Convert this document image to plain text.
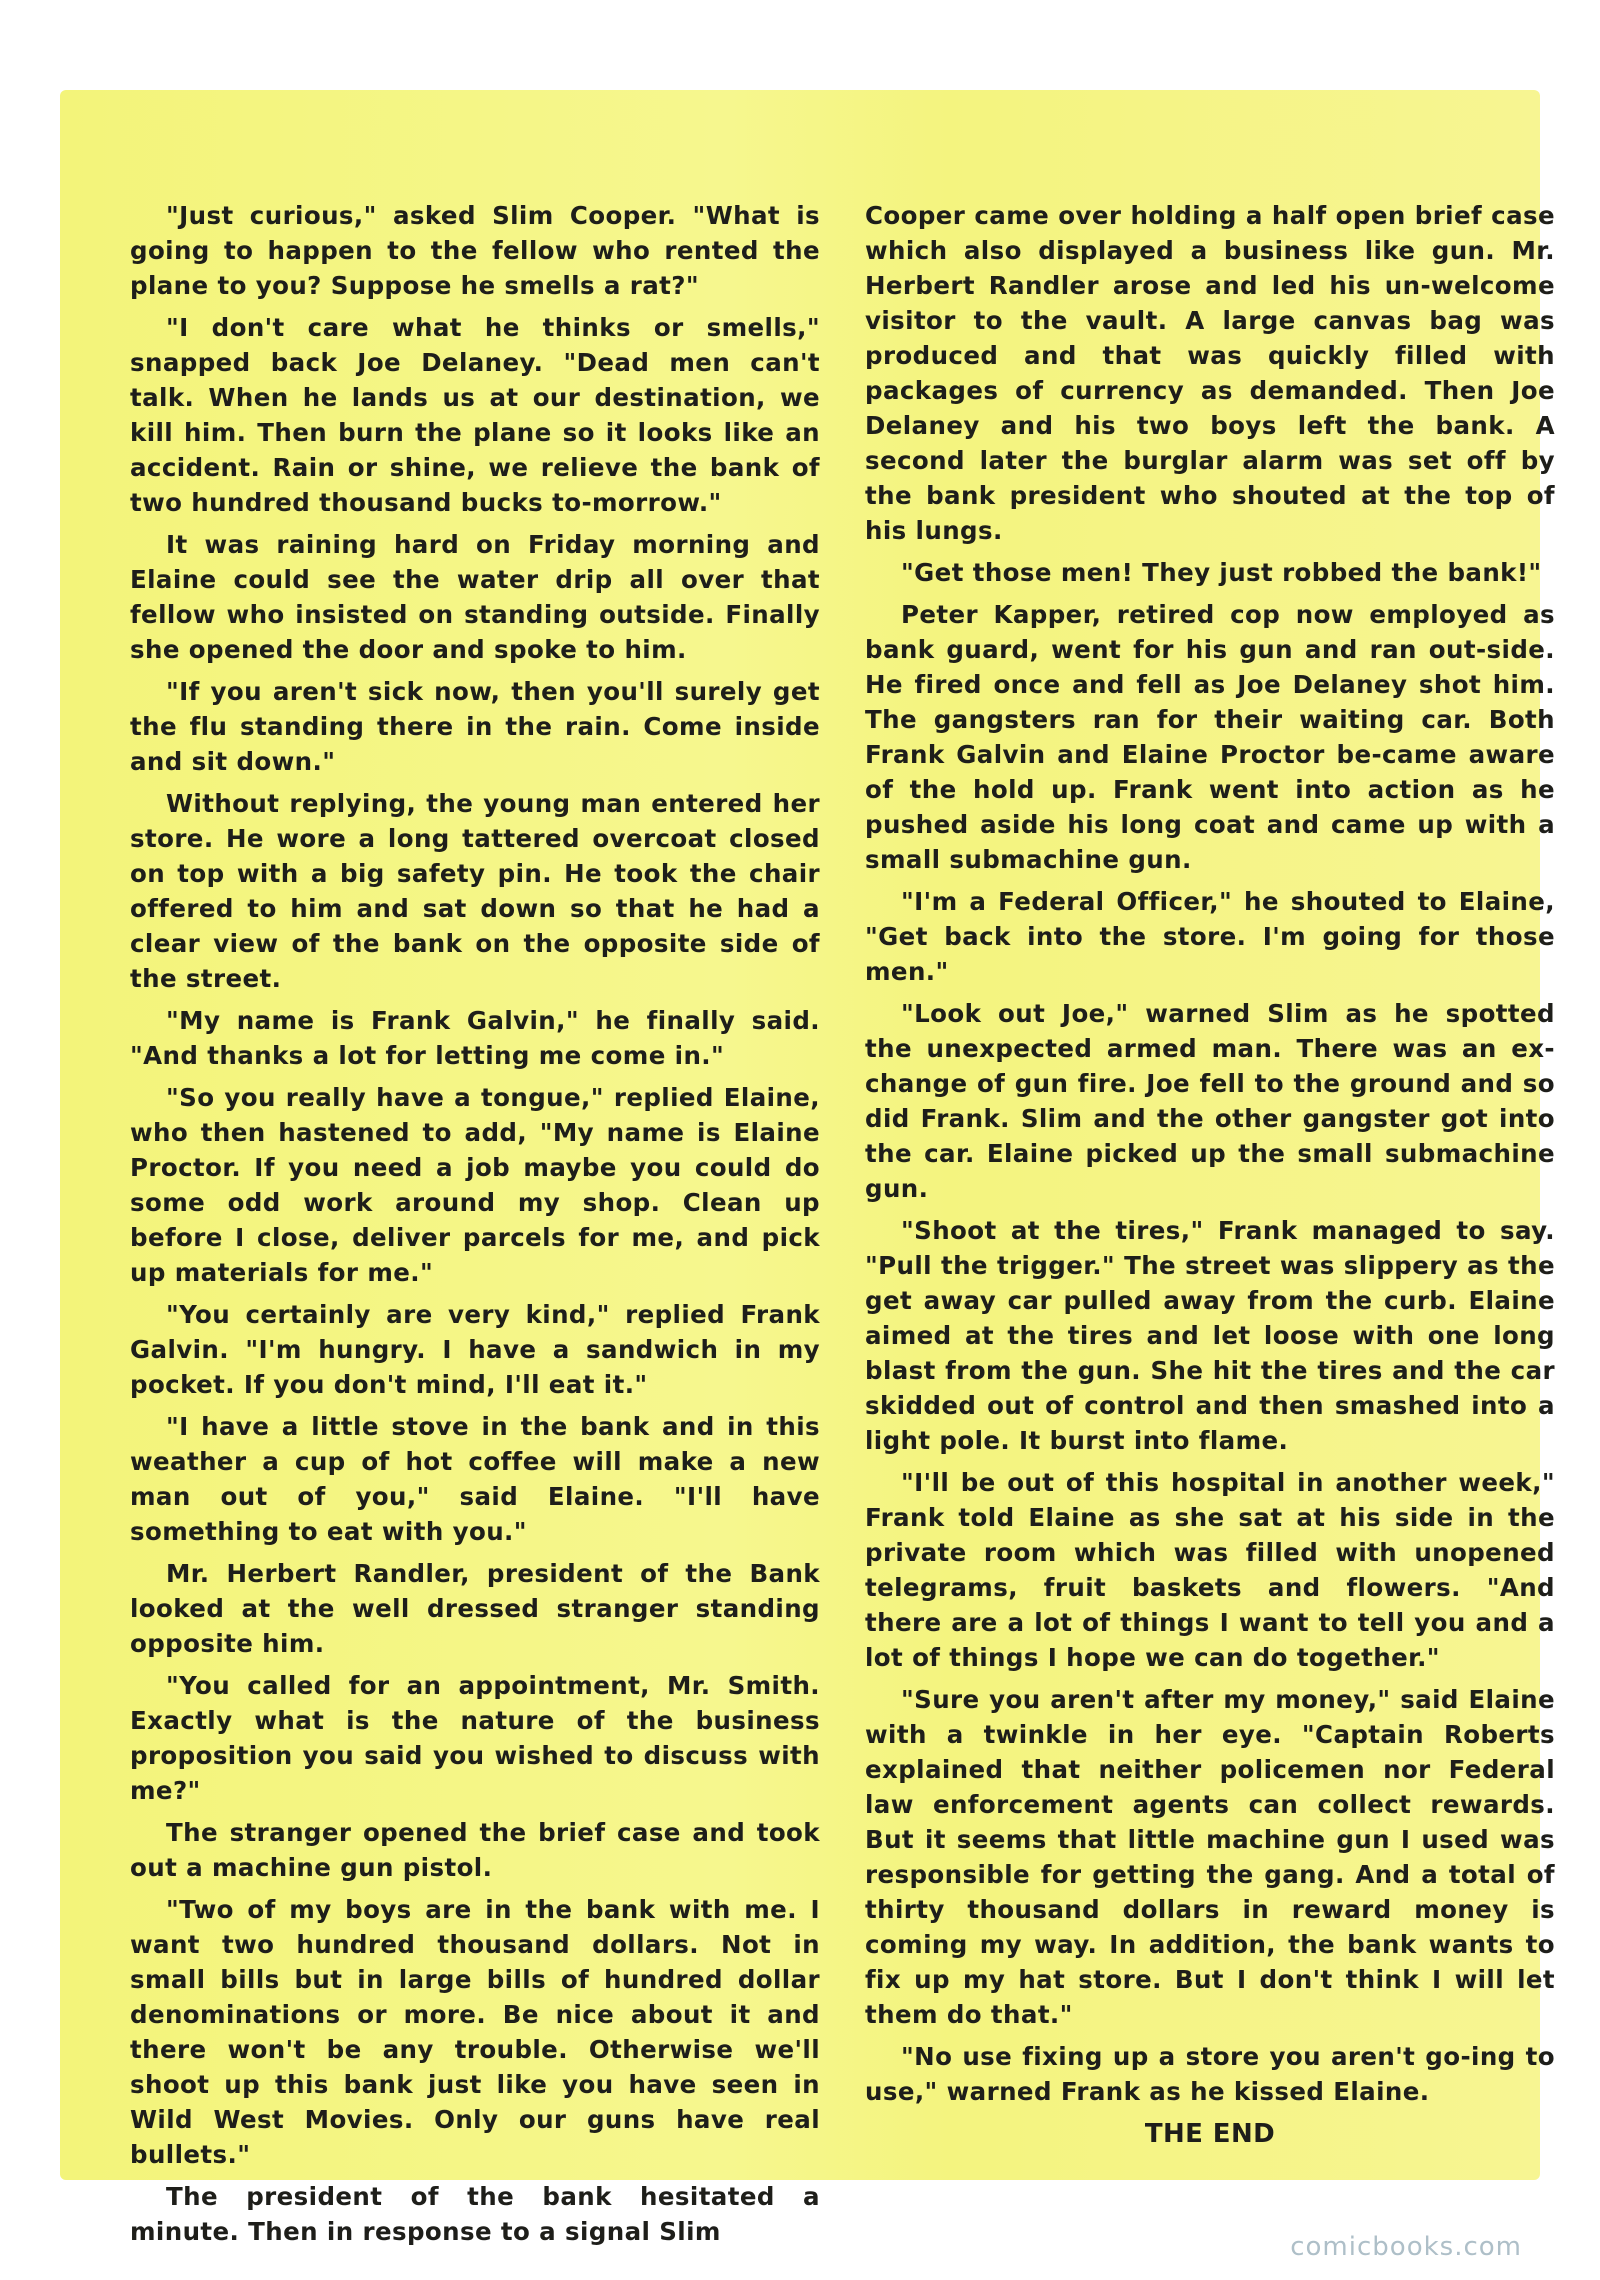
"Just curious," asked Slim Cooper. "What is going to happen to the fellow who rented the plane to you? Suppose he smells a rat?"

"I don't care what he thinks or smells," snapped back Joe Delaney. "Dead men can't talk. When he lands us at our destination, we kill him. Then burn the plane so it looks like an accident. Rain or shine, we relieve the bank of two hundred thousand bucks to-morrow."

It was raining hard on Friday morning and Elaine could see the water drip all over that fellow who insisted on standing outside. Finally she opened the door and spoke to him.

"If you aren't sick now, then you'll surely get the flu standing there in the rain. Come inside and sit down."

Without replying, the young man entered her store. He wore a long tattered overcoat closed on top with a big safety pin. He took the chair offered to him and sat down so that he had a clear view of the bank on the opposite side of the street.

"My name is Frank Galvin," he finally said. "And thanks a lot for letting me come in."

"So you really have a tongue," replied Elaine, who then hastened to add, "My name is Elaine Proctor. If you need a job maybe you could do some odd work around my shop. Clean up before I close, deliver parcels for me, and pick up materials for me."

"You certainly are very kind," replied Frank Galvin. "I'm hungry. I have a sandwich in my pocket. If you don't mind, I'll eat it."

"I have a little stove in the bank and in this weather a cup of hot coffee will make a new man out of you," said Elaine. "I'll have something to eat with you."

Mr. Herbert Randler, president of the Bank looked at the well dressed stranger standing opposite him.

"You called for an appointment, Mr. Smith. Exactly what is the nature of the business proposition you said you wished to discuss with me?"

The stranger opened the brief case and took out a machine gun pistol.

"Two of my boys are in the bank with me. I want two hundred thousand dollars. Not in small bills but in large bills of hundred dollar denominations or more. Be nice about it and there won't be any trouble. Otherwise we'll shoot up this bank just like you have seen in Wild West Movies. Only our guns have real bullets."

The president of the bank hesitated a minute. Then in response to a signal Slim

Cooper came over holding a half open brief case which also displayed a business like gun. Mr. Herbert Randler arose and led his un-welcome visitor to the vault. A large canvas bag was produced and that was quickly filled with packages of currency as demanded. Then Joe Delaney and his two boys left the bank. A second later the burglar alarm was set off by the bank president who shouted at the top of his lungs.

"Get those men! They just robbed the bank!"

Peter Kapper, retired cop now employed as bank guard, went for his gun and ran out-side. He fired once and fell as Joe Delaney shot him. The gangsters ran for their waiting car. Both Frank Galvin and Elaine Proctor be-came aware of the hold up. Frank went into action as he pushed aside his long coat and came up with a small submachine gun.

"I'm a Federal Officer," he shouted to Elaine, "Get back into the store. I'm going for those men."

"Look out Joe," warned Slim as he spotted the unexpected armed man. There was an ex-change of gun fire. Joe fell to the ground and so did Frank. Slim and the other gangster got into the car. Elaine picked up the small submachine gun.

"Shoot at the tires," Frank managed to say. "Pull the trigger." The street was slippery as the get away car pulled away from the curb. Elaine aimed at the tires and let loose with one long blast from the gun. She hit the tires and the car skidded out of control and then smashed into a light pole. It burst into flame.

"I'll be out of this hospital in another week," Frank told Elaine as she sat at his side in the private room which was filled with unopened telegrams, fruit baskets and flowers. "And there are a lot of things I want to tell you and a lot of things I hope we can do together."

"Sure you aren't after my money," said Elaine with a twinkle in her eye. "Captain Roberts explained that neither policemen nor Federal law enforcement agents can collect rewards. But it seems that little machine gun I used was responsible for getting the gang. And a total of thirty thousand dollars in reward money is coming my way. In addition, the bank wants to fix up my hat store. But I don't think I will let them do that."

"No use fixing up a store you aren't go-ing to use," warned Frank as he kissed Elaine.

THE END

comicbooks.com
